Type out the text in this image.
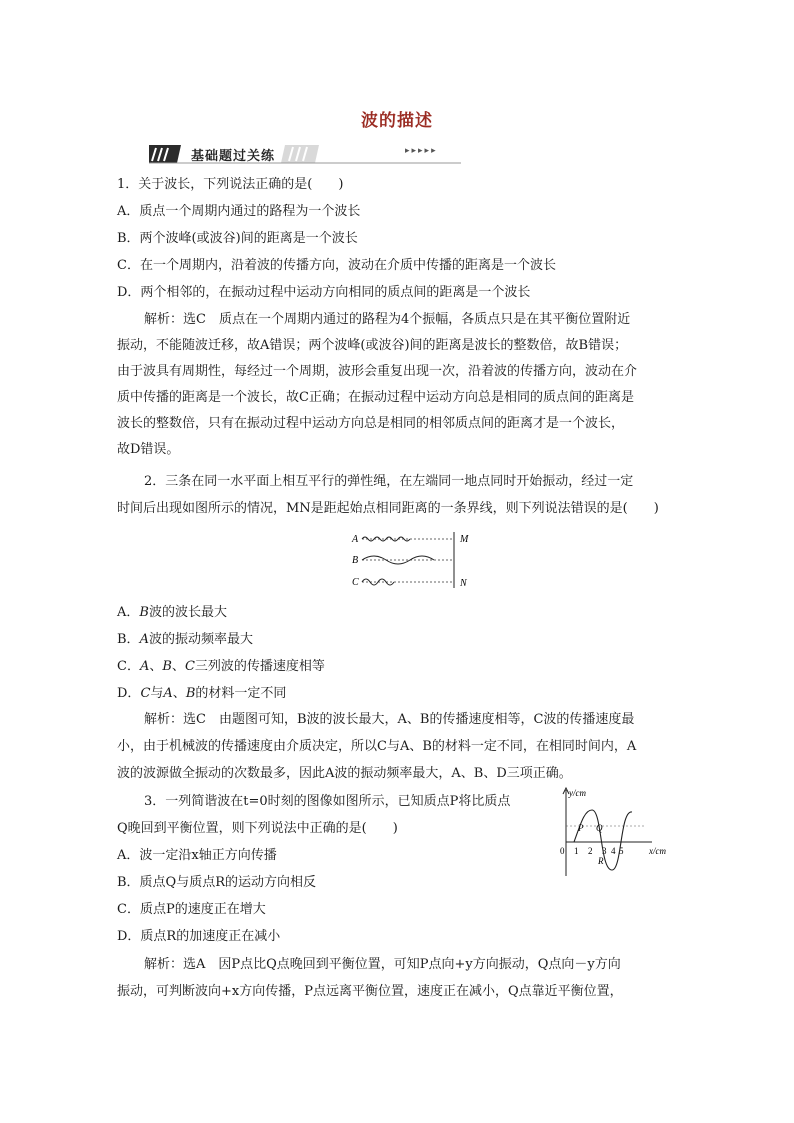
波的描述
基础题过关练	▸▸▸▸▸
1．关于波长，下列说法正确的是(　　)
A．质点一个周期内通过的路程为一个波长
B．两个波峰(或波谷)间的距离是一个波长
C．在一个周期内，沿着波的传播方向，波动在介质中传播的距离是一个波长
D．两个相邻的，在振动过程中运动方向相同的质点间的距离是一个波长
解析：选C　质点在一个周期内通过的路程为4个振幅，各质点只是在其平衡位置附近
振动，不能随波迁移，故A错误；两个波峰(或波谷)间的距离是波长的整数倍，故B错误；
由于波具有周期性，每经过一个周期，波形会重复出现一次，沿着波的传播方向，波动在介
质中传播的距离是一个波长，故C正确；在振动过程中运动方向总是相同的质点间的距离是
波长的整数倍，只有在振动过程中运动方向总是相同的相邻质点间的距离才是一个波长，
故D错误。
2．三条在同一水平面上相互平行的弹性绳，在左端同一地点同时开始振动，经过一定
时间后出现如图所示的情况，MN是距起始点相同距离的一条界线，则下列说法错误的是(　　)
A
B
C
M
N
A．B波的波长最大
B．A波的振动频率最大
C．A、B、C三列波的传播速度相等
D．C与A、B的材料一定不同
解析：选C　由题图可知，B波的波长最大，A、B的传播速度相等，C波的传播速度最
小，由于机械波的传播速度由介质决定，所以C与A、B的材料一定不同，在相同时间内，A
波的波源做全振动的次数最多，因此A波的振动频率最大，A、B、D三项正确。
3．一列简谐波在t=0时刻的图像如图所示，已知质点P将比质点
Q晚回到平衡位置，则下列说法中正确的是(　　)
A．波一定沿x轴正方向传播
B．质点Q与质点R的运动方向相反
C．质点P的速度正在增大
D．质点R的加速度正在减小
y/cm
0 1 2 3 4 5	x/cm
P Q
R
解析：选A　因P点比Q点晚回到平衡位置，可知P点向+y方向振动，Q点向－y方向
振动，可判断波向+x方向传播，P点远离平衡位置，速度正在减小，Q点靠近平衡位置，
